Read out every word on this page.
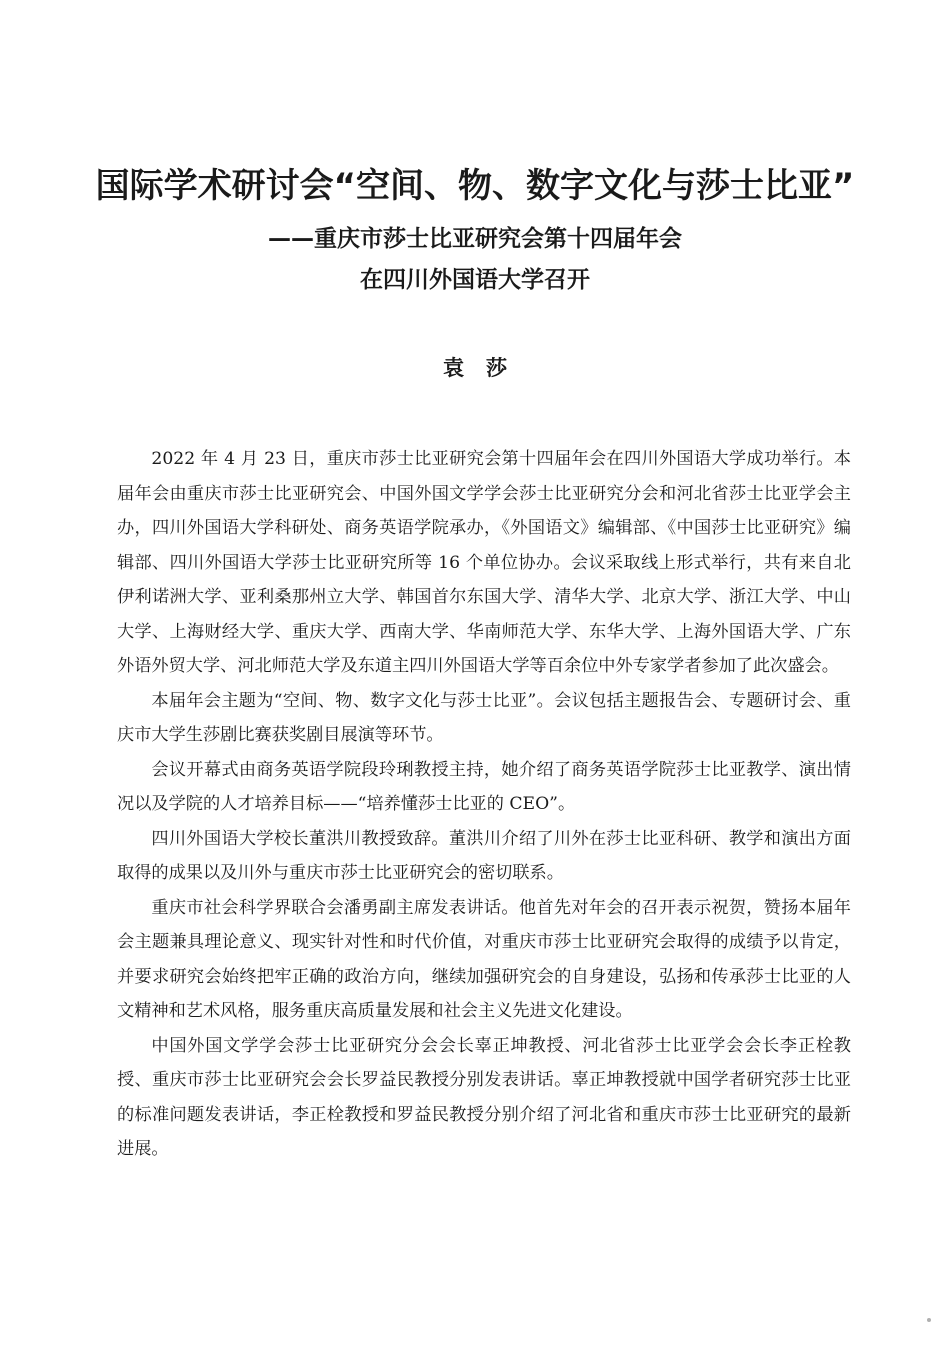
国际学术研讨会“空间、物、数字文化与莎士比亚”
——重庆市莎士比亚研究会第十四届年会
在四川外国语大学召开
袁莎

2022 年 4 月 23 日，重庆市莎士比亚研究会第十四届年会在四川外国语大学成功举行。本届年会由重庆市莎士比亚研究会、中国外国文学学会莎士比亚研究分会和河北省莎士比亚学会主办，四川外国语大学科研处、商务英语学院承办，《外国语文》编辑部、《中国莎士比亚研究》编辑部、四川外国语大学莎士比亚研究所等 16 个单位协办。会议采取线上形式举行，共有来自北伊利诺洲大学、亚利桑那州立大学、韩国首尔东国大学、清华大学、北京大学、浙江大学、中山大学、上海财经大学、重庆大学、西南大学、华南师范大学、东华大学、上海外国语大学、广东外语外贸大学、河北师范大学及东道主四川外国语大学等百余位中外专家学者参加了此次盛会。

本届年会主题为“空间、物、数字文化与莎士比亚”。会议包括主题报告会、专题研讨会、重庆市大学生莎剧比赛获奖剧目展演等环节。

会议开幕式由商务英语学院段玲琍教授主持，她介绍了商务英语学院莎士比亚教学、演出情况以及学院的人才培养目标——“培养懂莎士比亚的 CEO”。

四川外国语大学校长董洪川教授致辞。董洪川介绍了川外在莎士比亚科研、教学和演出方面取得的成果以及川外与重庆市莎士比亚研究会的密切联系。

重庆市社会科学界联合会潘勇副主席发表讲话。他首先对年会的召开表示祝贺，赞扬本届年会主题兼具理论意义、现实针对性和时代价值，对重庆市莎士比亚研究会取得的成绩予以肯定，并要求研究会始终把牢正确的政治方向，继续加强研究会的自身建设，弘扬和传承莎士比亚的人文精神和艺术风格，服务重庆高质量发展和社会主义先进文化建设。

中国外国文学学会莎士比亚研究分会会长辜正坤教授、河北省莎士比亚学会会长李正栓教授、重庆市莎士比亚研究会会长罗益民教授分别发表讲话。辜正坤教授就中国学者研究莎士比亚的标准问题发表讲话，李正栓教授和罗益民教授分别介绍了河北省和重庆市莎士比亚研究的最新进展。
